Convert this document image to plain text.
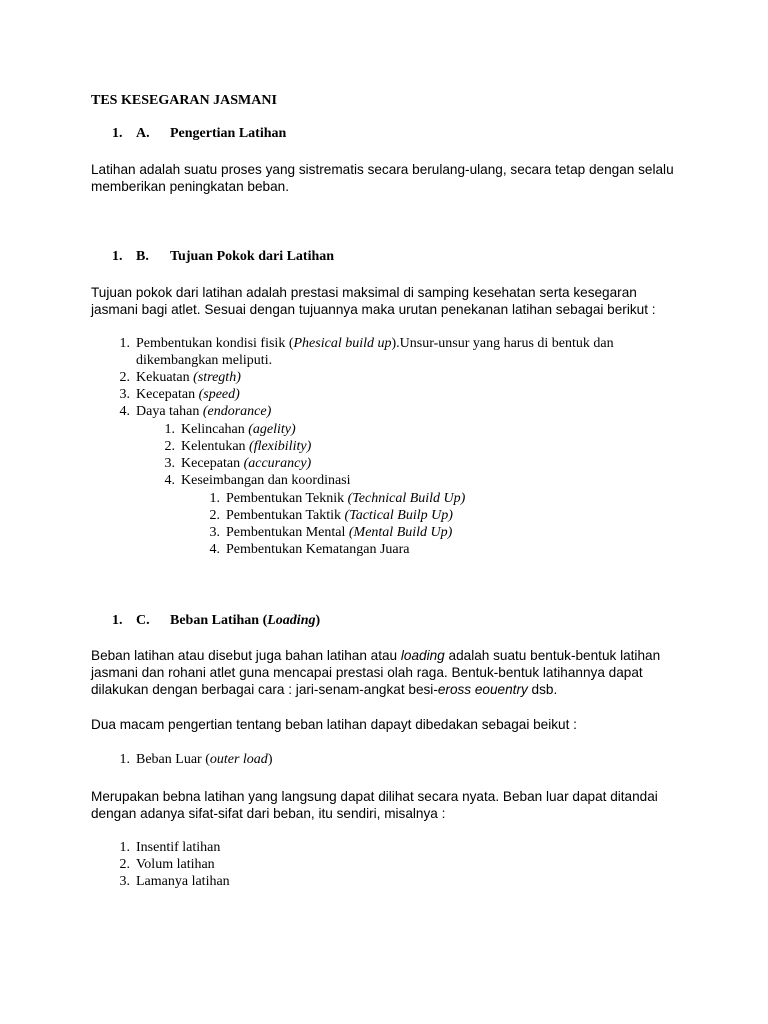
TES KESEGARAN JASMANI
1. A. Pengertian Latihan

Latihan adalah suatu proses yang sistrematis secara berulang-ulang, secara tetap dengan selalu
memberikan peningkatan beban.

1. B. Tujuan Pokok dari Latihan

Tujuan pokok dari latihan adalah prestasi maksimal di samping kesehatan serta kesegaran
jasmani bagi atlet. Sesuai dengan tujuannya maka urutan penekanan latihan sebagai berikut :

1. Pembentukan kondisi fisik (Phesical build up).Unsur-unsur yang harus di bentuk dan
dikembangkan meliputi.
2. Kekuatan (stregth)
3. Kecepatan (speed)
4. Daya tahan (endorance)
1. Kelincahan (agelity)
2. Kelentukan (flexibility)
3. Kecepatan (accurancy)
4. Keseimbangan dan koordinasi
1. Pembentukan Teknik (Technical Build Up)
2. Pembentukan Taktik (Tactical Builp Up)
3. Pembentukan Mental (Mental Build Up)
4. Pembentukan Kematangan Juara
1. C. Beban Latihan (Loading)

Beban latihan atau disebut juga bahan latihan atau loading adalah suatu bentuk-bentuk latihan
jasmani dan rohani atlet guna mencapai prestasi olah raga. Bentuk-bentuk latihannya dapat
dilakukan dengan berbagai cara : jari-senam-angkat besi-eross eouentry dsb.

Dua macam pengertian tentang beban latihan dapayt dibedakan sebagai beikut :

1. Beban Luar (outer load)

Merupakan bebna latihan yang langsung dapat dilihat secara nyata. Beban luar dapat ditandai
dengan adanya sifat-sifat dari beban, itu sendiri, misalnya :

1. Insentif latihan
2. Volum latihan
3. Lamanya latihan
